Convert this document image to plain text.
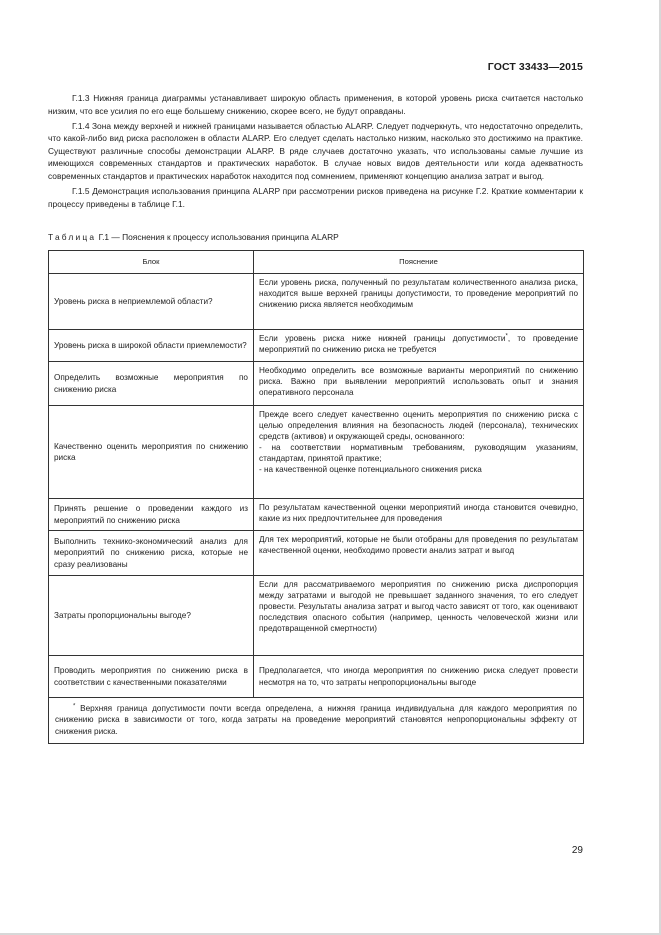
ГОСТ 33433—2015

Г.1.3 Нижняя граница диаграммы устанавливает широкую область применения, в которой уровень риска считается настолько низким, что все усилия по его еще большему снижению, скорее всего, не будут оправданы.

Г.1.4 Зона между верхней и нижней границами называется областью ALARP. Следует подчеркнуть, что недостаточно определить, что какой-либо вид риска расположен в области ALARP. Его следует сделать настолько низким, насколько это достижимо на практике. Существуют различные способы демонстрации ALARP. В ряде случаев достаточно указать, что использованы самые лучшие из имеющихся современных стандартов и практических наработок. В случае новых видов деятельности или когда адекватность современных стандартов и практических наработок находится под сомнением, применяют концепцию анализа затрат и выгод.

Г.1.5 Демонстрация использования принципа ALARP при рассмотрении рисков приведена на рисунке Г.2. Краткие комментарии к процессу приведены в таблице Г.1.

Таблица Г.1 — Пояснения к процессу использования принципа ALARP
Блок	Пояснение
Уровень риска в неприемлемой области?	Если уровень риска, полученный по результатам количественного анализа риска, находится выше верхней границы допустимости, то проведение мероприятий по снижению риска является необходимым
Уровень риска в широкой области приемлемости?	Если уровень риска ниже нижней границы допустимости*, то проведение мероприятий по снижению риска не требуется
Определить возможные мероприятия по снижению риска	Необходимо определить все возможные варианты мероприятий по снижению риска. Важно при выявлении мероприятий использовать опыт и знания оперативного персонала
Качественно оценить мероприятия по снижению риска	Прежде всего следует качественно оценить мероприятия по снижению риска с целью определения влияния на безопасность людей (персонала), технических средств (активов) и окружающей среды, основанного:
- на соответствии нормативным требованиям, руководящим указаниям, стандартам, принятой практике;
- на качественной оценке потенциального снижения риска

Принять решение о проведении каждого из мероприятий по снижению риска	По результатам качественной оценки мероприятий иногда становится очевидно, какие из них предпочтительнее для проведения
Выполнить технико-экономический анализ для мероприятий по снижению риска, которые не сразу реализованы	Для тех мероприятий, которые не были отобраны для проведения по результатам качественной оценки, необходимо провести анализ затрат и выгод
Затраты пропорциональны выгоде?	Если для рассматриваемого мероприятия по снижению риска диспропорция между затратами и выгодой не превышает заданного значения, то его следует провести. Результаты анализа затрат и выгод часто зависят от того, как оценивают последствия опасного события (например, ценность человеческой жизни или предотвращенной смертности)
Проводить мероприятия по снижению риска в соответствии с качественными показателями	Предполагается, что иногда мероприятия по снижению риска следует провести несмотря на то, что затраты непропорциональны выгоде

* Верхняя граница допустимости почти всегда определена, а нижняя граница индивидуальна для каждого мероприятия по снижению риска в зависимости от того, когда затраты на проведение мероприятий становятся непропорциональны эффекту от снижения риска.	

29
